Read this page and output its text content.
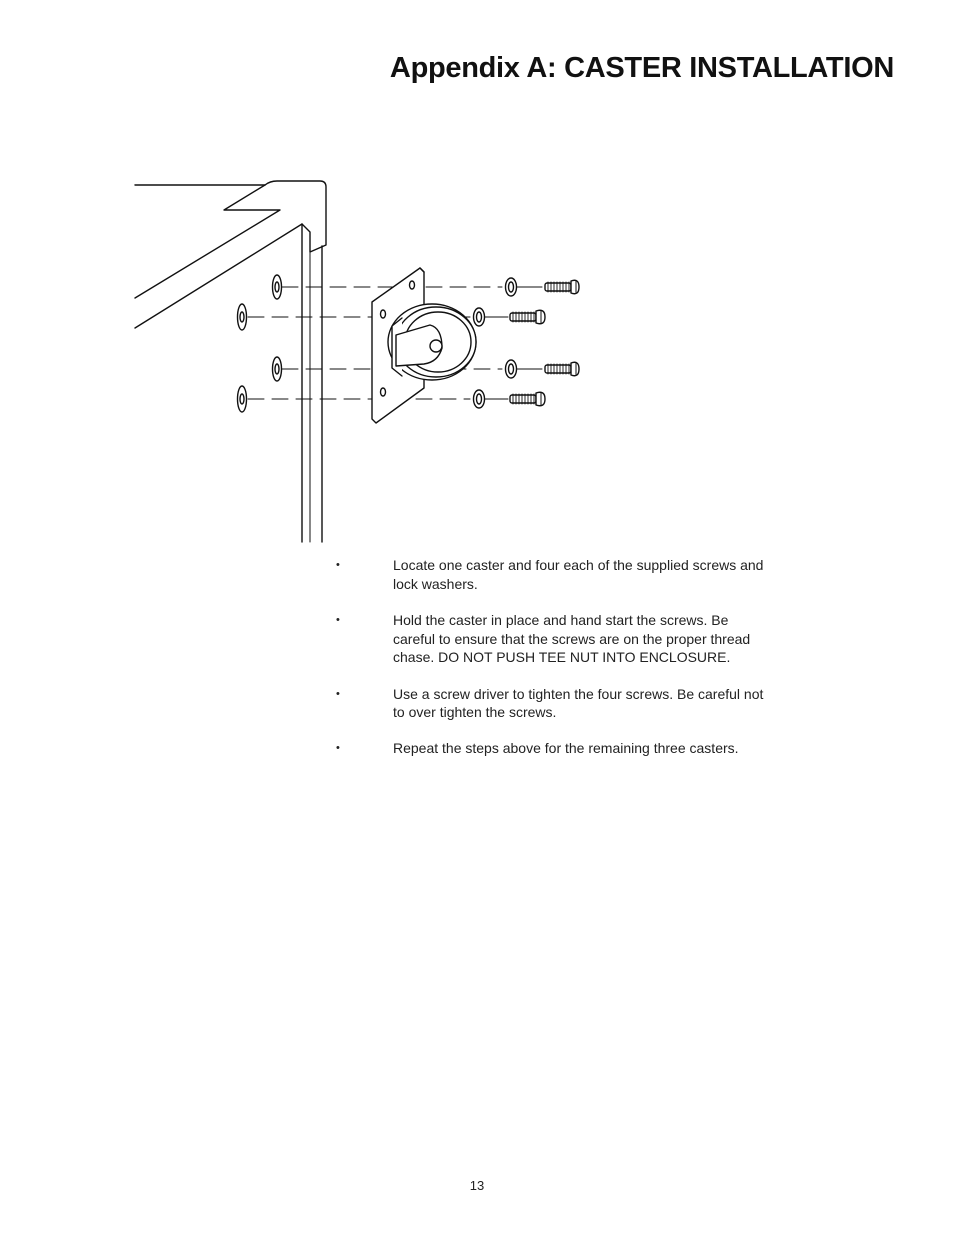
Appendix A: CASTER INSTALLATION
•	Locate one caster and four each of the supplied screws and lock washers.
•	Hold the caster in place and hand start the screws. Be careful to ensure that the screws are on the proper thread chase. DO NOT PUSH TEE NUT INTO ENCLOSURE.
•	Use a screw driver to tighten the four screws. Be careful not to over tighten the screws.
•	Repeat the steps above for the remaining three casters.
13
